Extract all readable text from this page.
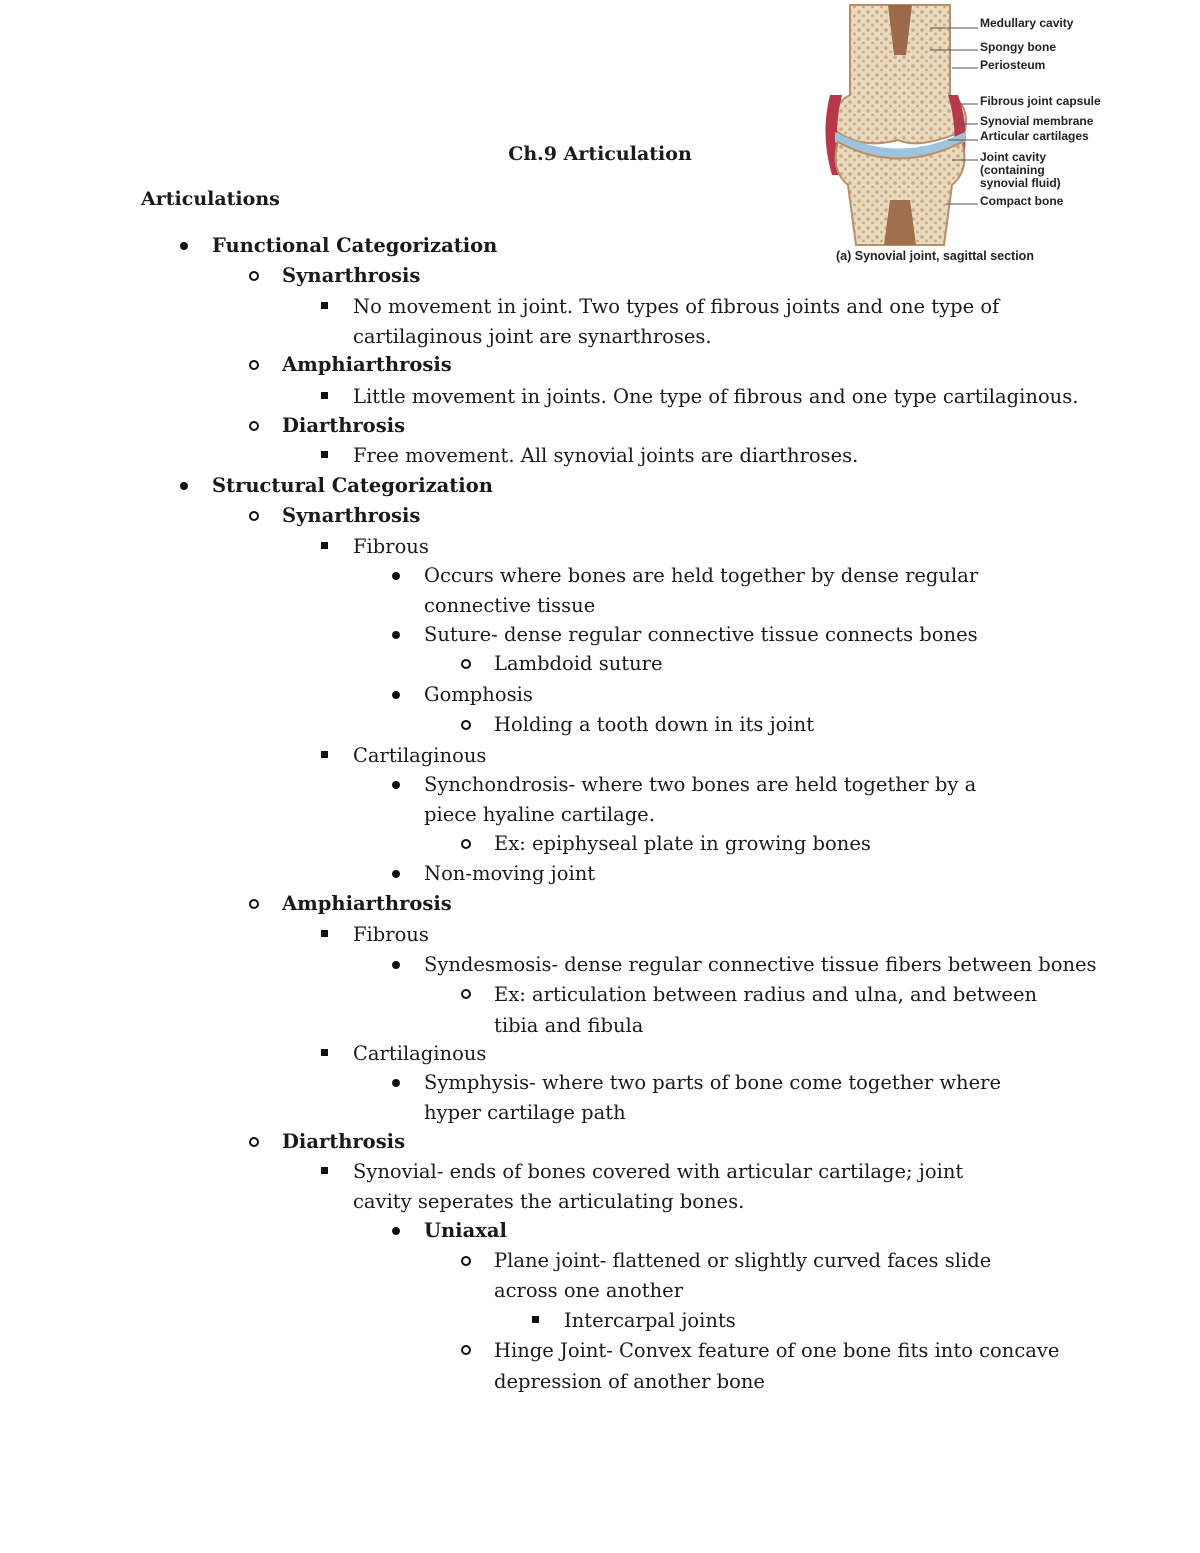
Medullary cavity
Spongy bone
Periosteum
Fibrous joint capsule
Synovial membrane
Articular cartilages
Joint cavity
(containing
synovial fluid)
Compact bone
(a) Synovial joint, sagittal section
Ch.9 Articulation
Articulations
Functional Categorization
Synarthrosis
No movement in joint. Two types of fibrous joints and one type of cartilaginous joint are synarthroses.
Amphiarthrosis
Little movement in joints. One type of fibrous and one type cartilaginous.
Diarthrosis
Free movement. All synovial joints are diarthroses.
Structural Categorization
Synarthrosis
Fibrous
Occurs where bones are held together by dense regular connective tissue
Suture- dense regular connective tissue connects bones
Lambdoid suture
Gomphosis
Holding a tooth down in its joint
Cartilaginous
Synchondrosis- where two bones are held together by a piece hyaline cartilage.
Ex: epiphyseal plate in growing bones
Non-moving joint
Amphiarthrosis
Fibrous
Syndesmosis- dense regular connective tissue fibers between bones
Ex: articulation between radius and ulna, and between tibia and fibula
Cartilaginous
Symphysis- where two parts of bone come together where hyper cartilage path
Diarthrosis
Synovial- ends of bones covered with articular cartilage; joint cavity seperates the articulating bones.
Uniaxal
Plane joint- flattened or slightly curved faces slide across one another
Intercarpal joints
Hinge Joint- Convex feature of one bone fits into concave depression of another bone
